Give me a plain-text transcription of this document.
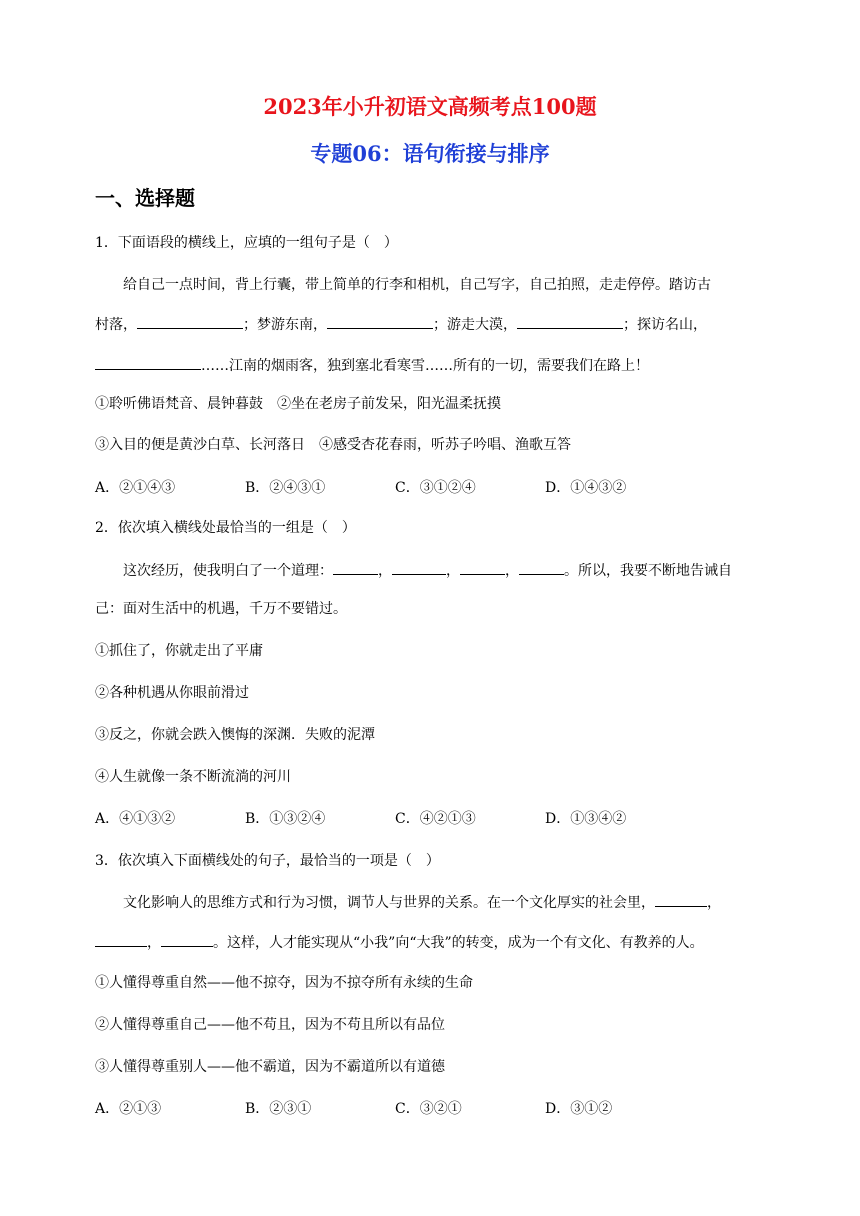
2023年小升初语文高频考点100题
专题06：语句衔接与排序
一、选择题
1．下面语段的横线上，应填的一组句子是（　）
给自己一点时间，背上行囊，带上简单的行李和相机，自己写字，自己拍照，走走停停。踏访古
村落，	；梦游东南，	；游走大漠，	；探访名山，
……江南的烟雨客，独到塞北看寒雪……所有的一切，需要我们在路上！
①聆听佛语梵音、晨钟暮鼓　②坐在老房子前发呆，阳光温柔抚摸
③入目的便是黄沙白草、长河落日　④感受杏花春雨，听苏子吟唱、渔歌互答
A．②①④③	B．②④③①	C．③①②④	D．①④③②
2．依次填入横线处最恰当的一组是（　）
这次经历，使我明白了一个道理：	，	，	，	。所以，我要不断地告诫自
己：面对生活中的机遇，千万不要错过。
①抓住了，你就走出了平庸
②各种机遇从你眼前滑过
③反之，你就会跌入懊悔的深渊．失败的泥潭
④人生就像一条不断流淌的河川
A．④①③②	B．①③②④	C．④②①③	D．①③④②
3．依次填入下面横线处的句子，最恰当的一项是（　）
文化影响人的思维方式和行为习惯，调节人与世界的关系。在一个文化厚实的社会里，	，
，	。这样，人才能实现从“小我”向“大我”的转变，成为一个有文化、有教养的人。
①人懂得尊重自然——他不掠夺，因为不掠夺所有永续的生命
②人懂得尊重自己——他不苟且，因为不苟且所以有品位
③人懂得尊重别人——他不霸道，因为不霸道所以有道德
A．②①③	B．②③①	C．③②①	D．③①②
